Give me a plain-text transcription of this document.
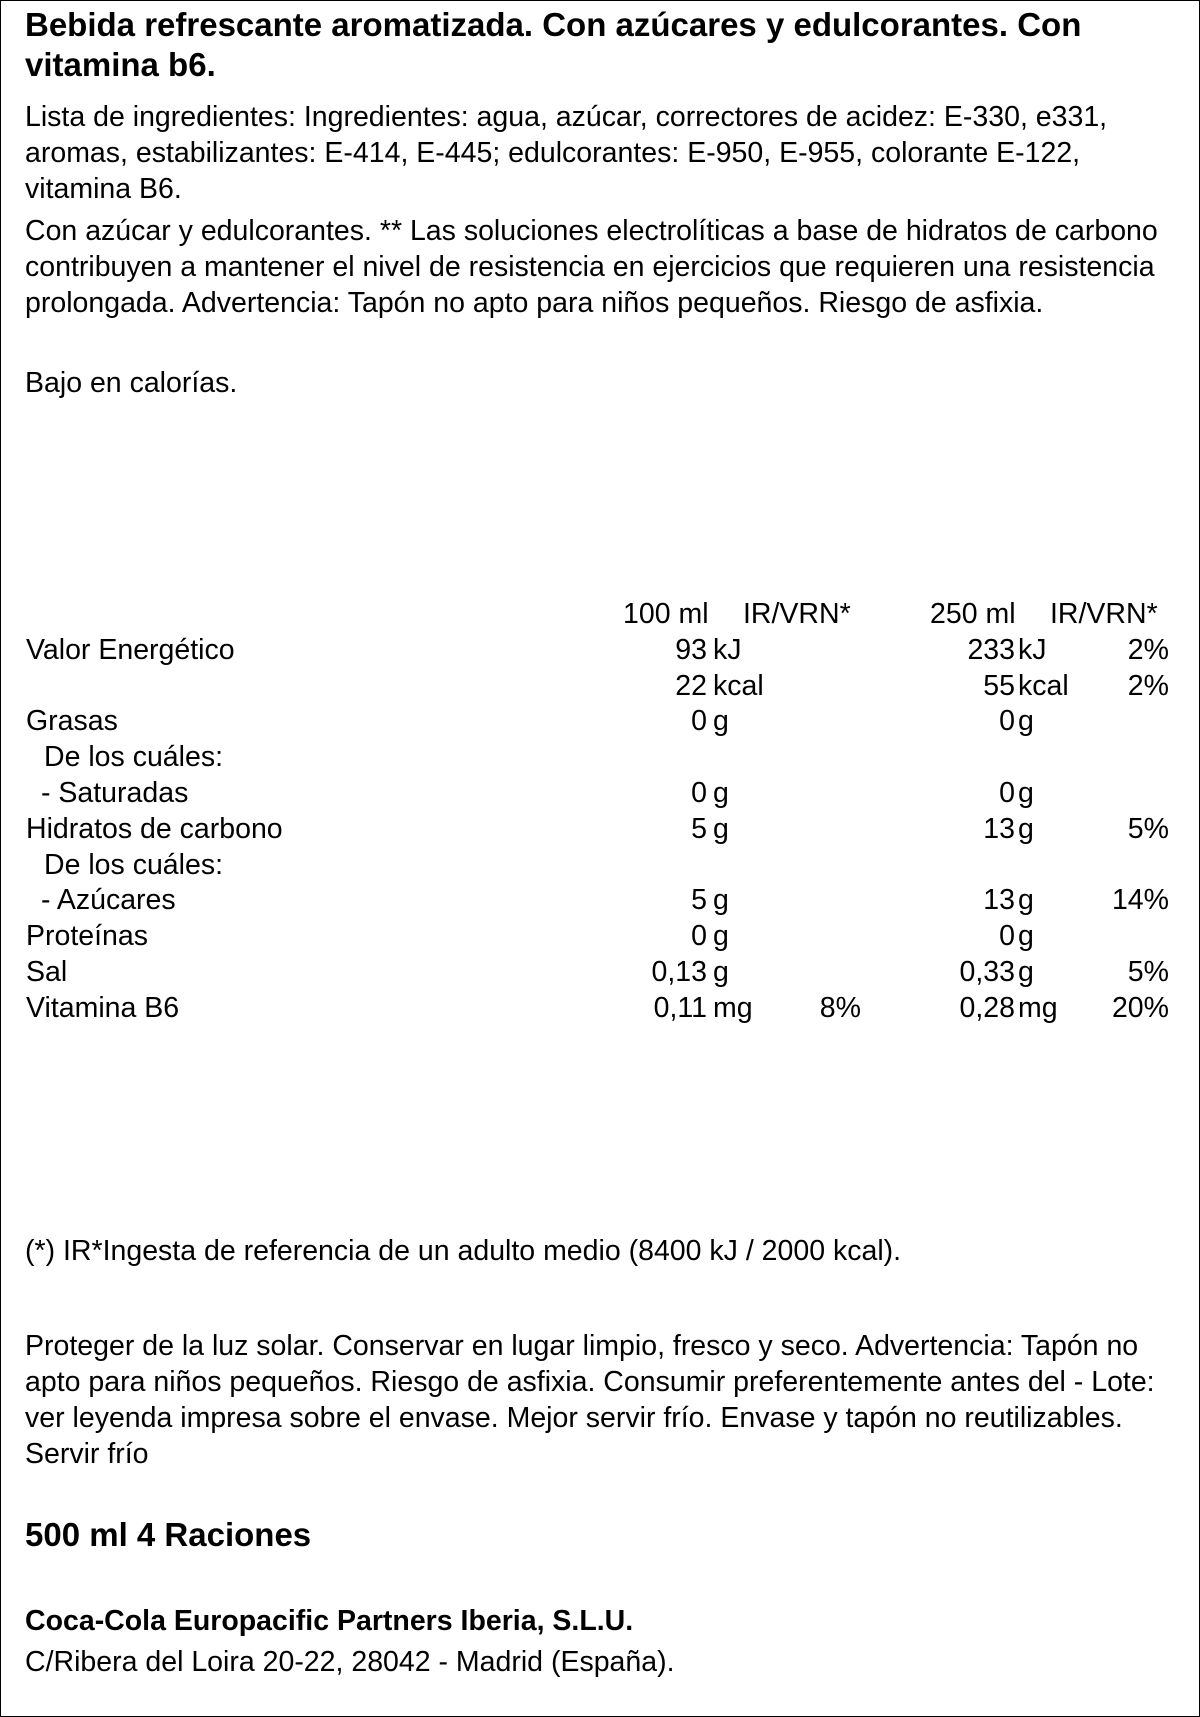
Bebida refrescante aromatizada. Con azúcares y edulcorantes. Con vitamina b6.

Lista de ingredientes: Ingredientes: agua, azúcar, correctores de acidez: E-330, e331, aromas, estabilizantes: E-414, E-445; edulcorantes: E-950, E-955, colorante E-122, vitamina B6.

Con azúcar y edulcorantes. ** Las soluciones electrolíticas a base de hidratos de carbono contribuyen a mantener el nivel de resistencia en ejercicios que requieren una resistencia prolongada. Advertencia: Tapón no apto para niños pequeños. Riesgo de asfixia.

Bajo en calorías.

100 ml IR/VRN*	250 ml IR/VRN*
Valor Energético	93 kJ	233 kJ	2%
22 kcal	55 kcal 2%
Grasas	0 g	0 g
De los cuáles:
- Saturadas	0 g	0 g
Hidratos de carbono	5 g	13 g	5%
De los cuáles:
- Azúcares	5 g	13 g	14%
Proteínas	0 g	0 g
Sal	0,13 g	0,33 g	5%
Vitamina B6	0,11 mg 8%	0,28 mg 20%

(*) IR*Ingesta de referencia de un adulto medio (8400 kJ / 2000 kcal).

Proteger de la luz solar. Conservar en lugar limpio, fresco y seco. Advertencia: Tapón no apto para niños pequeños. Riesgo de asfixia. Consumir preferentemente antes del - Lote: ver leyenda impresa sobre el envase. Mejor servir frío. Envase y tapón no reutilizables. Servir frío

500 ml 4 Raciones

Coca-Cola Europacific Partners Iberia, S.L.U.

C/Ribera del Loira 20-22, 28042 - Madrid (España).
